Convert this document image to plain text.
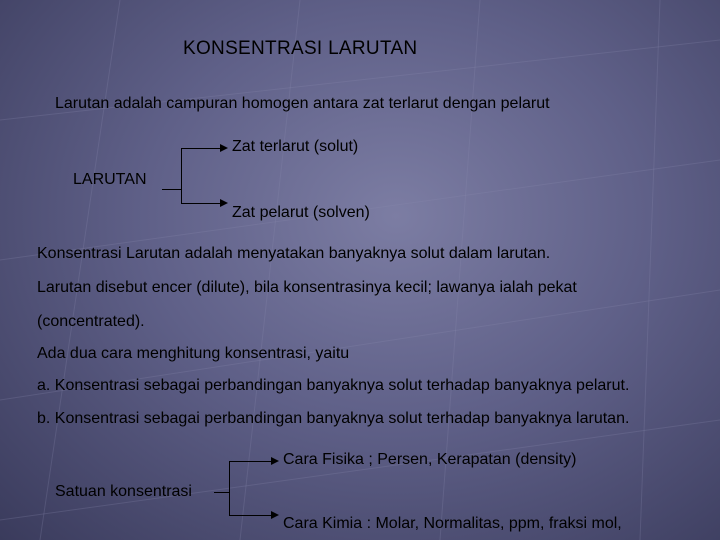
KONSENTRASI LARUTAN
Larutan adalah campuran homogen antara zat terlarut dengan pelarut
Zat terlarut (solut)
LARUTAN
Zat pelarut (solven)
Konsentrasi Larutan adalah menyatakan banyaknya solut dalam larutan.
Larutan disebut encer (dilute), bila konsentrasinya kecil; lawanya ialah pekat
(concentrated).
Ada dua cara menghitung konsentrasi, yaitu
a. Konsentrasi sebagai perbandingan banyaknya solut terhadap banyaknya pelarut.
b. Konsentrasi sebagai perbandingan banyaknya solut terhadap banyaknya larutan.
Cara Fisika ; Persen, Kerapatan (density)
Satuan konsentrasi
Cara Kimia : Molar, Normalitas, ppm, fraksi mol,
